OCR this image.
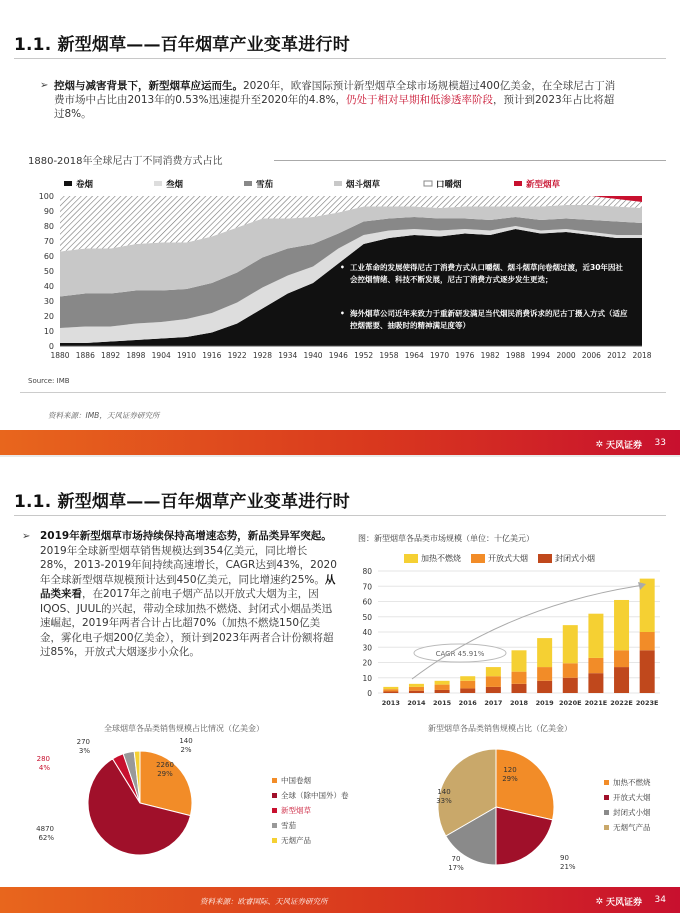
1.1. 新型烟草——百年烟草产业变革进行时
➢ 控烟与减害背景下，新型烟草应运而生。2020年，欧睿国际预计新型烟草全球市场规模超过400亿美金，在全球尼古丁消费市场中占比由2013年的0.53%迅速提升至2020年的4.8%，仍处于相对早期和低渗透率阶段，预计到2023年占比将超过8%。
1880-2018年全球尼古丁不同消费方式占比
卷烟	叁烟	雪茄	烟斗烟草	口嚼烟	新型烟草
0
10
20
30
40
50
60
70
80
90
100
1880 1886 1892 1898 1904 1910 1916 1922 1928 1934 1940 1946 1952 1958 1964 1970 1976 1982 1988 1994 2000 2006 2012 2018
• 工业革命的发展使得尼古丁消费方式从口嚼烟、烟斗烟草向卷烟过渡，近30年因社会控烟情绪、科技不断发展，尼古丁消费方式逐步发生更迭；
• 海外烟草公司近年来致力于重新研发满足当代烟民消费诉求的尼古丁摄入方式（适应控烟需要、抽吸时的精神满足度等）
Source: IMB
资料来源：IMB，天风证券研究所
✲ 天风证券 33
1.1. 新型烟草——百年烟草产业变革进行时
➢ 2019年新型烟草市场持续保持高增速态势，新品类异军突起。2019年全球新型烟草销售规模达到354亿美元，同比增长28%，2013-2019年间持续高速增长，CAGR达到43%，2020年全球新型烟草规模预计达到450亿美元，同比增速约25%。从品类来看，在2017年之前电子烟产品以开放式大烟为主，因IQOS、JUUL的兴起，带动全球加热不燃烧、封闭式小烟品类迅速崛起，2019年两者合计占比超70%（加热不燃烧150亿美金，雾化电子烟200亿美金），预计到2023年两者合计份额将超过85%，开放式大烟逐步小众化。
图：新型烟草各品类市场规模（单位：十亿美元）
加热不燃烧	开放式大烟	封闭式小烟
0
10
20
30
40
50
60
70
80
2013 2014 2015 2016 2017 2018 2019 2020E 2021E 2022E 2023E
CAGR 45.91%
全球烟草各品类销售规模占比情况（亿美金）	新型烟草各品类销售规模占比（亿美金）
2260
29%
4870
62%
280
4%
270
3%
140
2%
中国卷烟
全球（除中国外）卷
新型烟草
雪茄
无烟产品
120
29%
90
21%
70
17%
140
33%
加热不燃烧
开放式大烟
封闭式小烟
无烟气产品
资料来源：欧睿国际、天风证券研究所	✲ 天风证券 34
